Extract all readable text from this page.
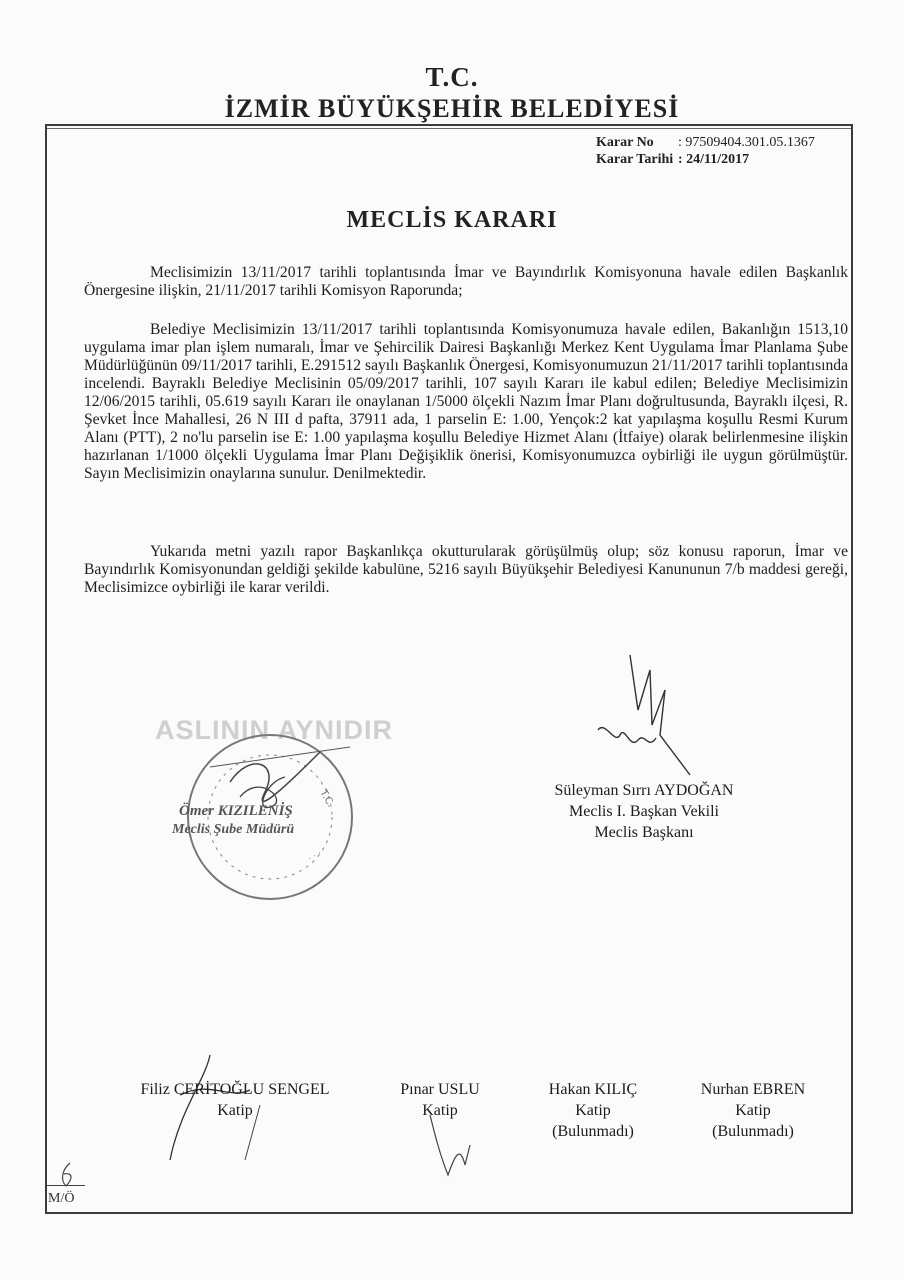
T.C.
İZMİR BÜYÜKŞEHİR BELEDİYESİ
Karar No : 97509404.301.05.1367
Karar Tarihi : 24/11/2017
MECLİS KARARI

Meclisimizin 13/11/2017 tarihli toplantısında İmar ve Bayındırlık Komisyonuna havale edilen Başkanlık Önergesine ilişkin, 21/11/2017 tarihli Komisyon Raporunda;

Belediye Meclisimizin 13/11/2017 tarihli toplantısında Komisyonumuza havale edilen, Bakanlığın 1513,10 uygulama imar plan işlem numaralı, İmar ve Şehircilik Dairesi Başkanlığı Merkez Kent Uygulama İmar Planlama Şube Müdürlüğünün 09/11/2017 tarihli, E.291512 sayılı Başkanlık Önergesi, Komisyonumuzun 21/11/2017 tarihli toplantısında incelendi. Bayraklı Belediye Meclisinin 05/09/2017 tarihli, 107 sayılı Kararı ile kabul edilen; Belediye Meclisimizin 12/06/2015 tarihli, 05.619 sayılı Kararı ile onaylanan 1/5000 ölçekli Nazım İmar Planı doğrultusunda, Bayraklı ilçesi, R. Şevket İnce Mahallesi, 26 N III d pafta, 37911 ada, 1 parselin E: 1.00, Yençok:2 kat yapılaşma koşullu Resmi Kurum Alanı (PTT), 2 no'lu parselin ise E: 1.00 yapılaşma koşullu Belediye Hizmet Alanı (İtfaiye) olarak belirlenmesine ilişkin hazırlanan 1/1000 ölçekli Uygulama İmar Planı Değişiklik önerisi, Komisyonumuzca oybirliği ile uygun görülmüştür. Sayın Meclisimizin onaylarına sunulur. Denilmektedir.

Yukarıda metni yazılı rapor Başkanlıkça okutturularak görüşülmüş olup; söz konusu raporun, İmar ve Bayındırlık Komisyonundan geldiği şekilde kabulüne, 5216 sayılı Büyükşehir Belediyesi Kanununun 7/b maddesi gereği, Meclisimizce oybirliği ile karar verildi.

ASLININ AYNIDIR
T.C.
· · ·
Ömer KIZILENİŞ
Meclis Şube Müdürü
Süleyman Sırrı AYDOĞAN
Meclis I. Başkan Vekili
Meclis Başkanı
Filiz CERİTOĞLU SENGEL
Katip
Pınar USLU
Katip
Hakan KILIÇ
Katip
(Bulunmadı)
Nurhan EBREN
Katip
(Bulunmadı)
M/Ö
